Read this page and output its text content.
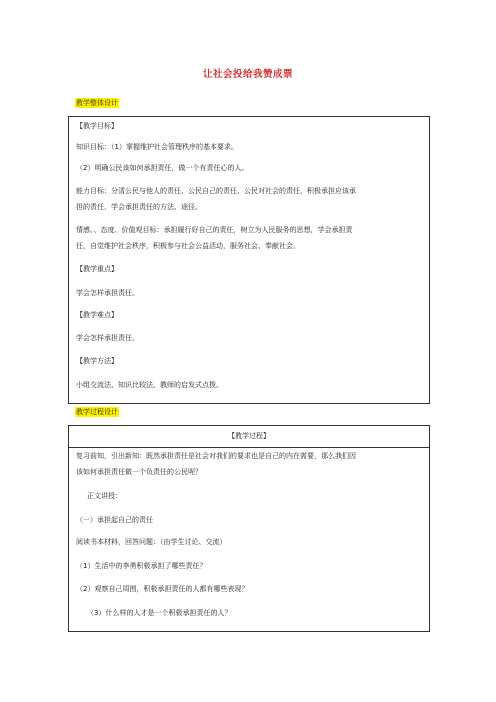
让社会投给我赞成票
教学整体设计
【教学目标】
知识目标：（1）掌握维护社会管理秩序的基本要求。
（2）明确公民该如何承担责任，做一个有责任心的人。
能力目标：分清公民与他人的责任、公民自己的责任、公民对社会的责任，积极承担应该承
担的责任，学会承担责任的方法、途径。
情感、、态度、价值观目标：承担履行好自己的责任，树立为人民服务的思想，学会承担责
任，自觉维护社会秩序，积极参与社会公益活动，服务社会、奉献社会。
【教学重点】
学会怎样承担责任。
【教学难点】
学会怎样承担责任。
【教学方法】
小组交流法、知识比较法、教师的启发式点拨。
教学过程设计
【教学过程】
复习前知，引出新知：既然承担责任是社会对我们的要求也是自己的内在需要，那么我们因
该如何承担责任做一个负责任的公民呢？
正文讲授：
（一）承担起自己的责任
阅读书本材料，回答问题：（由学生讨论、交流）
（1）生活中的李勇积极承担了哪些责任？
（2）观察自己周围，积极承担责任的人都有哪些表现？
（3）什么样的人才是一个积极承担责任的人？
